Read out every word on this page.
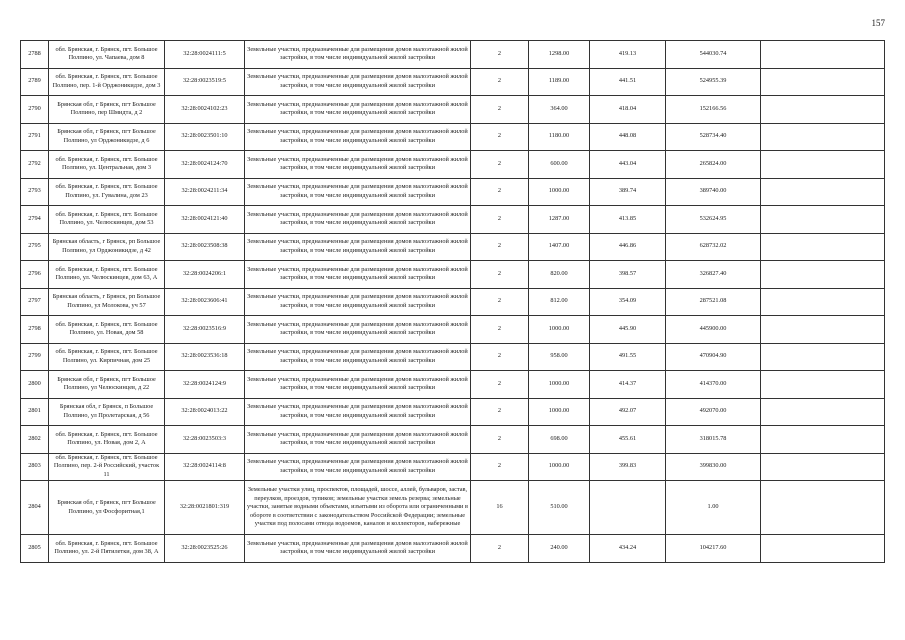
157
2788	обл. Брянская, г. Брянск, пгт. Большое Полпино, ул. Чапаева, дом 8	32:28:0024111:5	Земельные участки, предназначенные для размещения домов малоэтажной жилой застройки, в том числе индивидуальной жилой застройки	2	1298.00	419.13	544030.74	
2789	обл. Брянская, г. Брянск, пгт. Большое Полпино, пер. 1-й Орджоникидзе, дом 3	32:28:0023519:5	Земельные участки, предназначенные для размещения домов малоэтажной жилой застройки, в том числе индивидуальной жилой застройки	2	1189.00	441.51	524955.39	
2790	Брянская обл, г Брянск, пгт Большое Полпино, пер Шмидта, д 2	32:28:0024102:23	Земельные участки, предназначенные для размещения домов малоэтажной жилой застройки, в том числе индивидуальной жилой застройки	2	364.00	418.04	152166.56	
2791	Брянская обл, г Брянск, пгт Большое Полпино, ул Орджоникидзе, д 6	32:28:0023501:10	Земельные участки, предназначенные для размещения домов малоэтажной жилой застройки, в том числе индивидуальной жилой застройки	2	1180.00	448.08	528734.40	
2792	обл. Брянская, г. Брянск, пгт. Большое Полпино, ул. Центральная, дом 3	32:28:0024124:70	Земельные участки, предназначенные для размещения домов малоэтажной жилой застройки, в том числе индивидуальной жилой застройки	2	600.00	443.04	265824.00	
2793	обл. Брянская, г. Брянск, пгт. Большое Полпино, ул. Гувалина, дом 23	32:28:0024211:34	Земельные участки, предназначенные для размещения домов малоэтажной жилой застройки, в том числе индивидуальной жилой застройки	2	1000.00	389.74	389740.00	
2794	обл. Брянская, г. Брянск, пгт. Большое Полпино, ул. Челюскинцев, дом 53	32:28:0024121:40	Земельные участки, предназначенные для размещения домов малоэтажной жилой застройки, в том числе индивидуальной жилой застройки	2	1287.00	413.85	532624.95	
2795	Брянская область, г Брянск, рп Большое Полпино, ул Орджоникидзе, д 42	32:28:0023508:38	Земельные участки, предназначенные для размещения домов малоэтажной жилой застройки, в том числе индивидуальной жилой застройки	2	1407.00	446.86	628732.02	
2796	обл. Брянская, г. Брянск, пгт. Большое Полпино, ул. Челюскинцев, дом 63, А	32:28:0024206:1	Земельные участки, предназначенные для размещения домов малоэтажной жилой застройки, в том числе индивидуальной жилой застройки	2	820.00	398.57	326827.40	
2797	Брянская область, г Брянск, рп Большое Полпино, ул Молокова, уч 57	32:28:0023606:41	Земельные участки, предназначенные для размещения домов малоэтажной жилой застройки, в том числе индивидуальной жилой застройки	2	812.00	354.09	287521.08	
2798	обл. Брянская, г. Брянск, пгт. Большое Полпино, ул. Новая, дом 58	32:28:0023516:9	Земельные участки, предназначенные для размещения домов малоэтажной жилой застройки, в том числе индивидуальной жилой застройки	2	1000.00	445.90	445900.00	
2799	обл. Брянская, г. Брянск, пгт. Большое Полпино, ул. Кирпичная, дом 25	32:28:0023536:18	Земельные участки, предназначенные для размещения домов малоэтажной жилой застройки, в том числе индивидуальной жилой застройки	2	958.00	491.55	470904.90	
2800	Брянская обл, г Брянск, пгт Большое Полпино, ул Челюскинцев, д 22	32:28:0024124:9	Земельные участки, предназначенные для размещения домов малоэтажной жилой застройки, в том числе индивидуальной жилой застройки	2	1000.00	414.37	414370.00	
2801	Брянская обл, г Брянск, п Большое Полпино, ул Пролетарская, д 56	32:28:0024013:22	Земельные участки, предназначенные для размещения домов малоэтажной жилой застройки, в том числе индивидуальной жилой застройки	2	1000.00	492.07	492070.00	
2802	обл. Брянская, г. Брянск, пгт. Большое Полпино, ул. Новая, дом 2, А	32:28:0023503:3	Земельные участки, предназначенные для размещения домов малоэтажной жилой застройки, в том числе индивидуальной жилой застройки	2	698.00	455.61	318015.78	
2803	обл. Брянская, г. Брянск, пгт. Большое Полпино, пер. 2-й Российский, участок 11	32:28:0024114:8	Земельные участки, предназначенные для размещения домов малоэтажной жилой застройки, в том числе индивидуальной жилой застройки	2	1000.00	399.83	399830.00	
2804	Брянская обл, г Брянск, пгт Большое Полпино, ул Фосфоритная,1	32:28:0021801:319	Земельные участки улиц, проспектов, площадей, шоссе, аллей, бульваров, застав, переулков, проездов, тупиков; земельные участки земель резерва; земельные участки, занятые водными объектами, изъятыми из оборота или ограниченными в обороте в соответствии с законодательством Российской Федерации; земельные участки под полосами отвода водоемов, каналов и коллекторов, набережные	16	510.00		1.00	
2805	обл. Брянская, г. Брянск, пгт. Большое Полпино, ул. 2-й Пятилетки, дом 38, А	32:28:0023525:26	Земельные участки, предназначенные для размещения домов малоэтажной жилой застройки, в том числе индивидуальной жилой застройки	2	240.00	434.24	104217.60	
